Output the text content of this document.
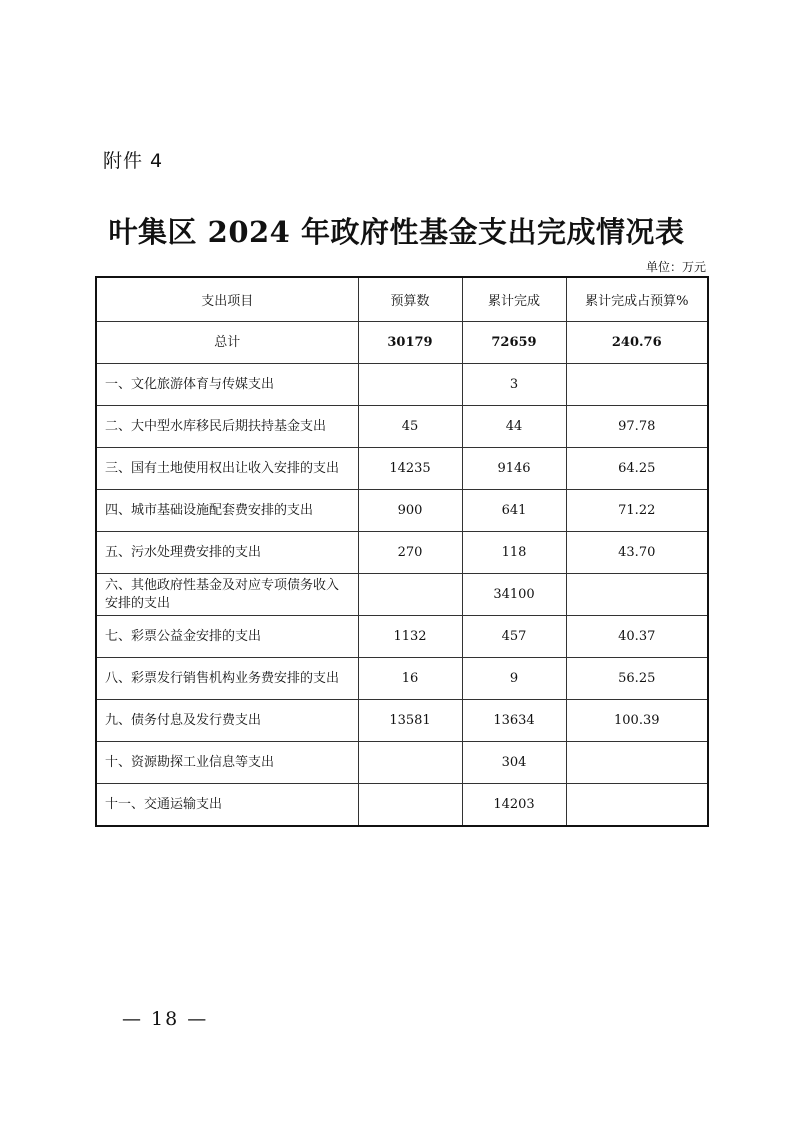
附件 4
叶集区 2024 年政府性基金支出完成情况表
单位：万元
支出项目	预算数	累计完成	累计完成占预算%
总计	30179	72659	240.76
一、文化旅游体育与传媒支出		3	
二、大中型水库移民后期扶持基金支出	45	44	97.78
三、国有土地使用权出让收入安排的支出	14235	9146	64.25
四、城市基础设施配套费安排的支出	900	641	71.22
五、污水处理费安排的支出	270	118	43.70
六、其他政府性基金及对应专项债务收入安排的支出		34100	
七、彩票公益金安排的支出	1132	457	40.37
八、彩票发行销售机构业务费安排的支出	16	9	56.25
九、债务付息及发行费支出	13581	13634	100.39
十、资源勘探工业信息等支出		304	
十一、交通运输支出		14203	
— 18 —
